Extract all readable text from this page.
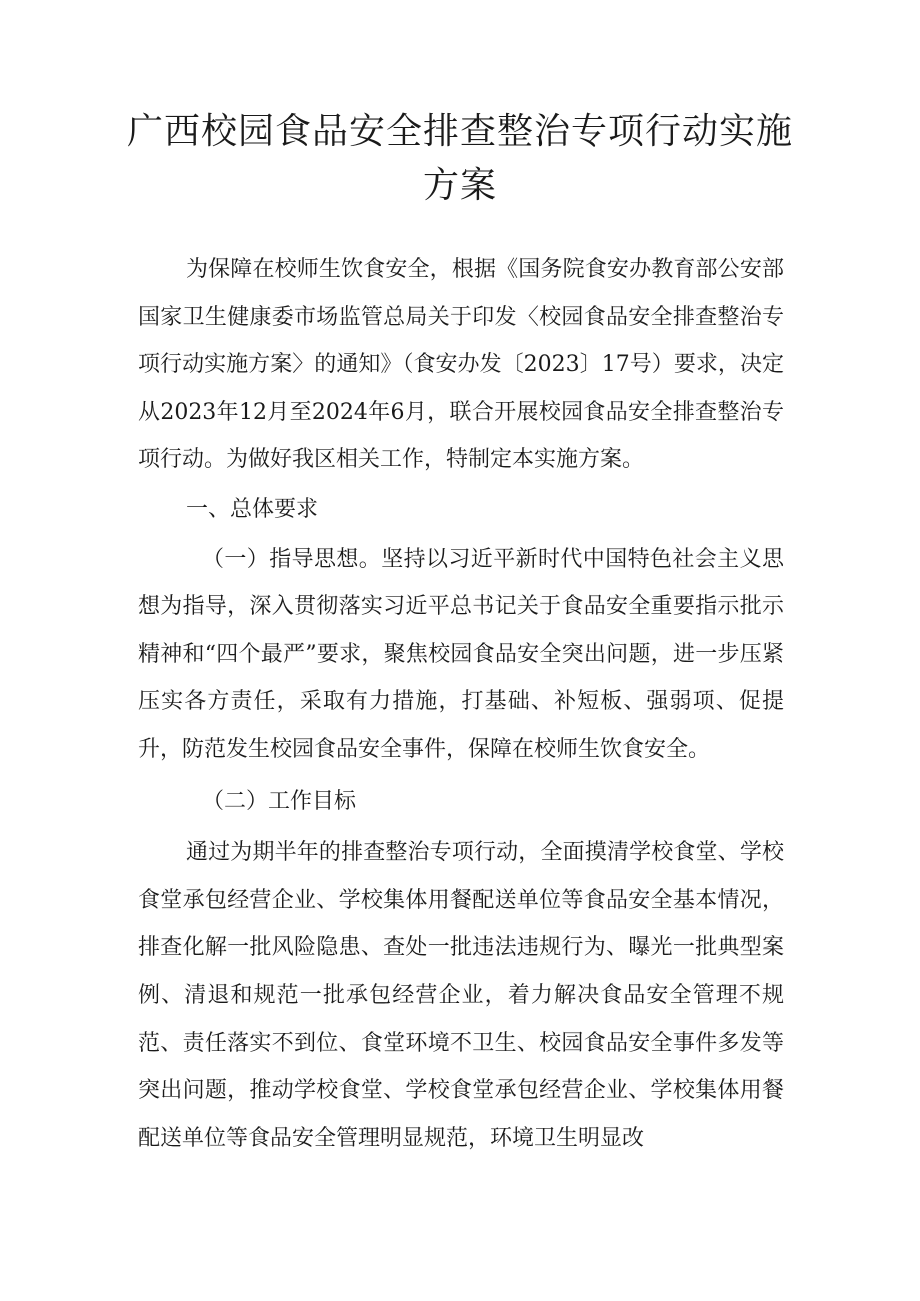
广西校园食品安全排查整治专项行动实施
方案

为保障在校师生饮食安全，根据《国务院食安办教育部公安部国家卫生健康委市场监管总局关于印发〈校园食品安全排查整治专项行动实施方案〉的通知》（食安办发〔2023〕17号）要求，决定从2023年12月至2024年6月，联合开展校园食品安全排查整治专项行动。为做好我区相关工作，特制定本实施方案。

一、总体要求

（一）指导思想。坚持以习近平新时代中国特色社会主义思想为指导，深入贯彻落实习近平总书记关于食品安全重要指示批示精神和“四个最严”要求，聚焦校园食品安全突出问题，进一步压紧压实各方责任，采取有力措施，打基础、补短板、强弱项、促提升，防范发生校园食品安全事件，保障在校师生饮食安全。

（二）工作目标

通过为期半年的排查整治专项行动，全面摸清学校食堂、学校食堂承包经营企业、学校集体用餐配送单位等食品安全基本情况，排查化解一批风险隐患、查处一批违法违规行为、曝光一批典型案例、清退和规范一批承包经营企业，着力解决食品安全管理不规范、责任落实不到位、食堂环境不卫生、校园食品安全事件多发等突出问题，推动学校食堂、学校食堂承包经营企业、学校集体用餐配送单位等食品安全管理明显规范，环境卫生明显改
